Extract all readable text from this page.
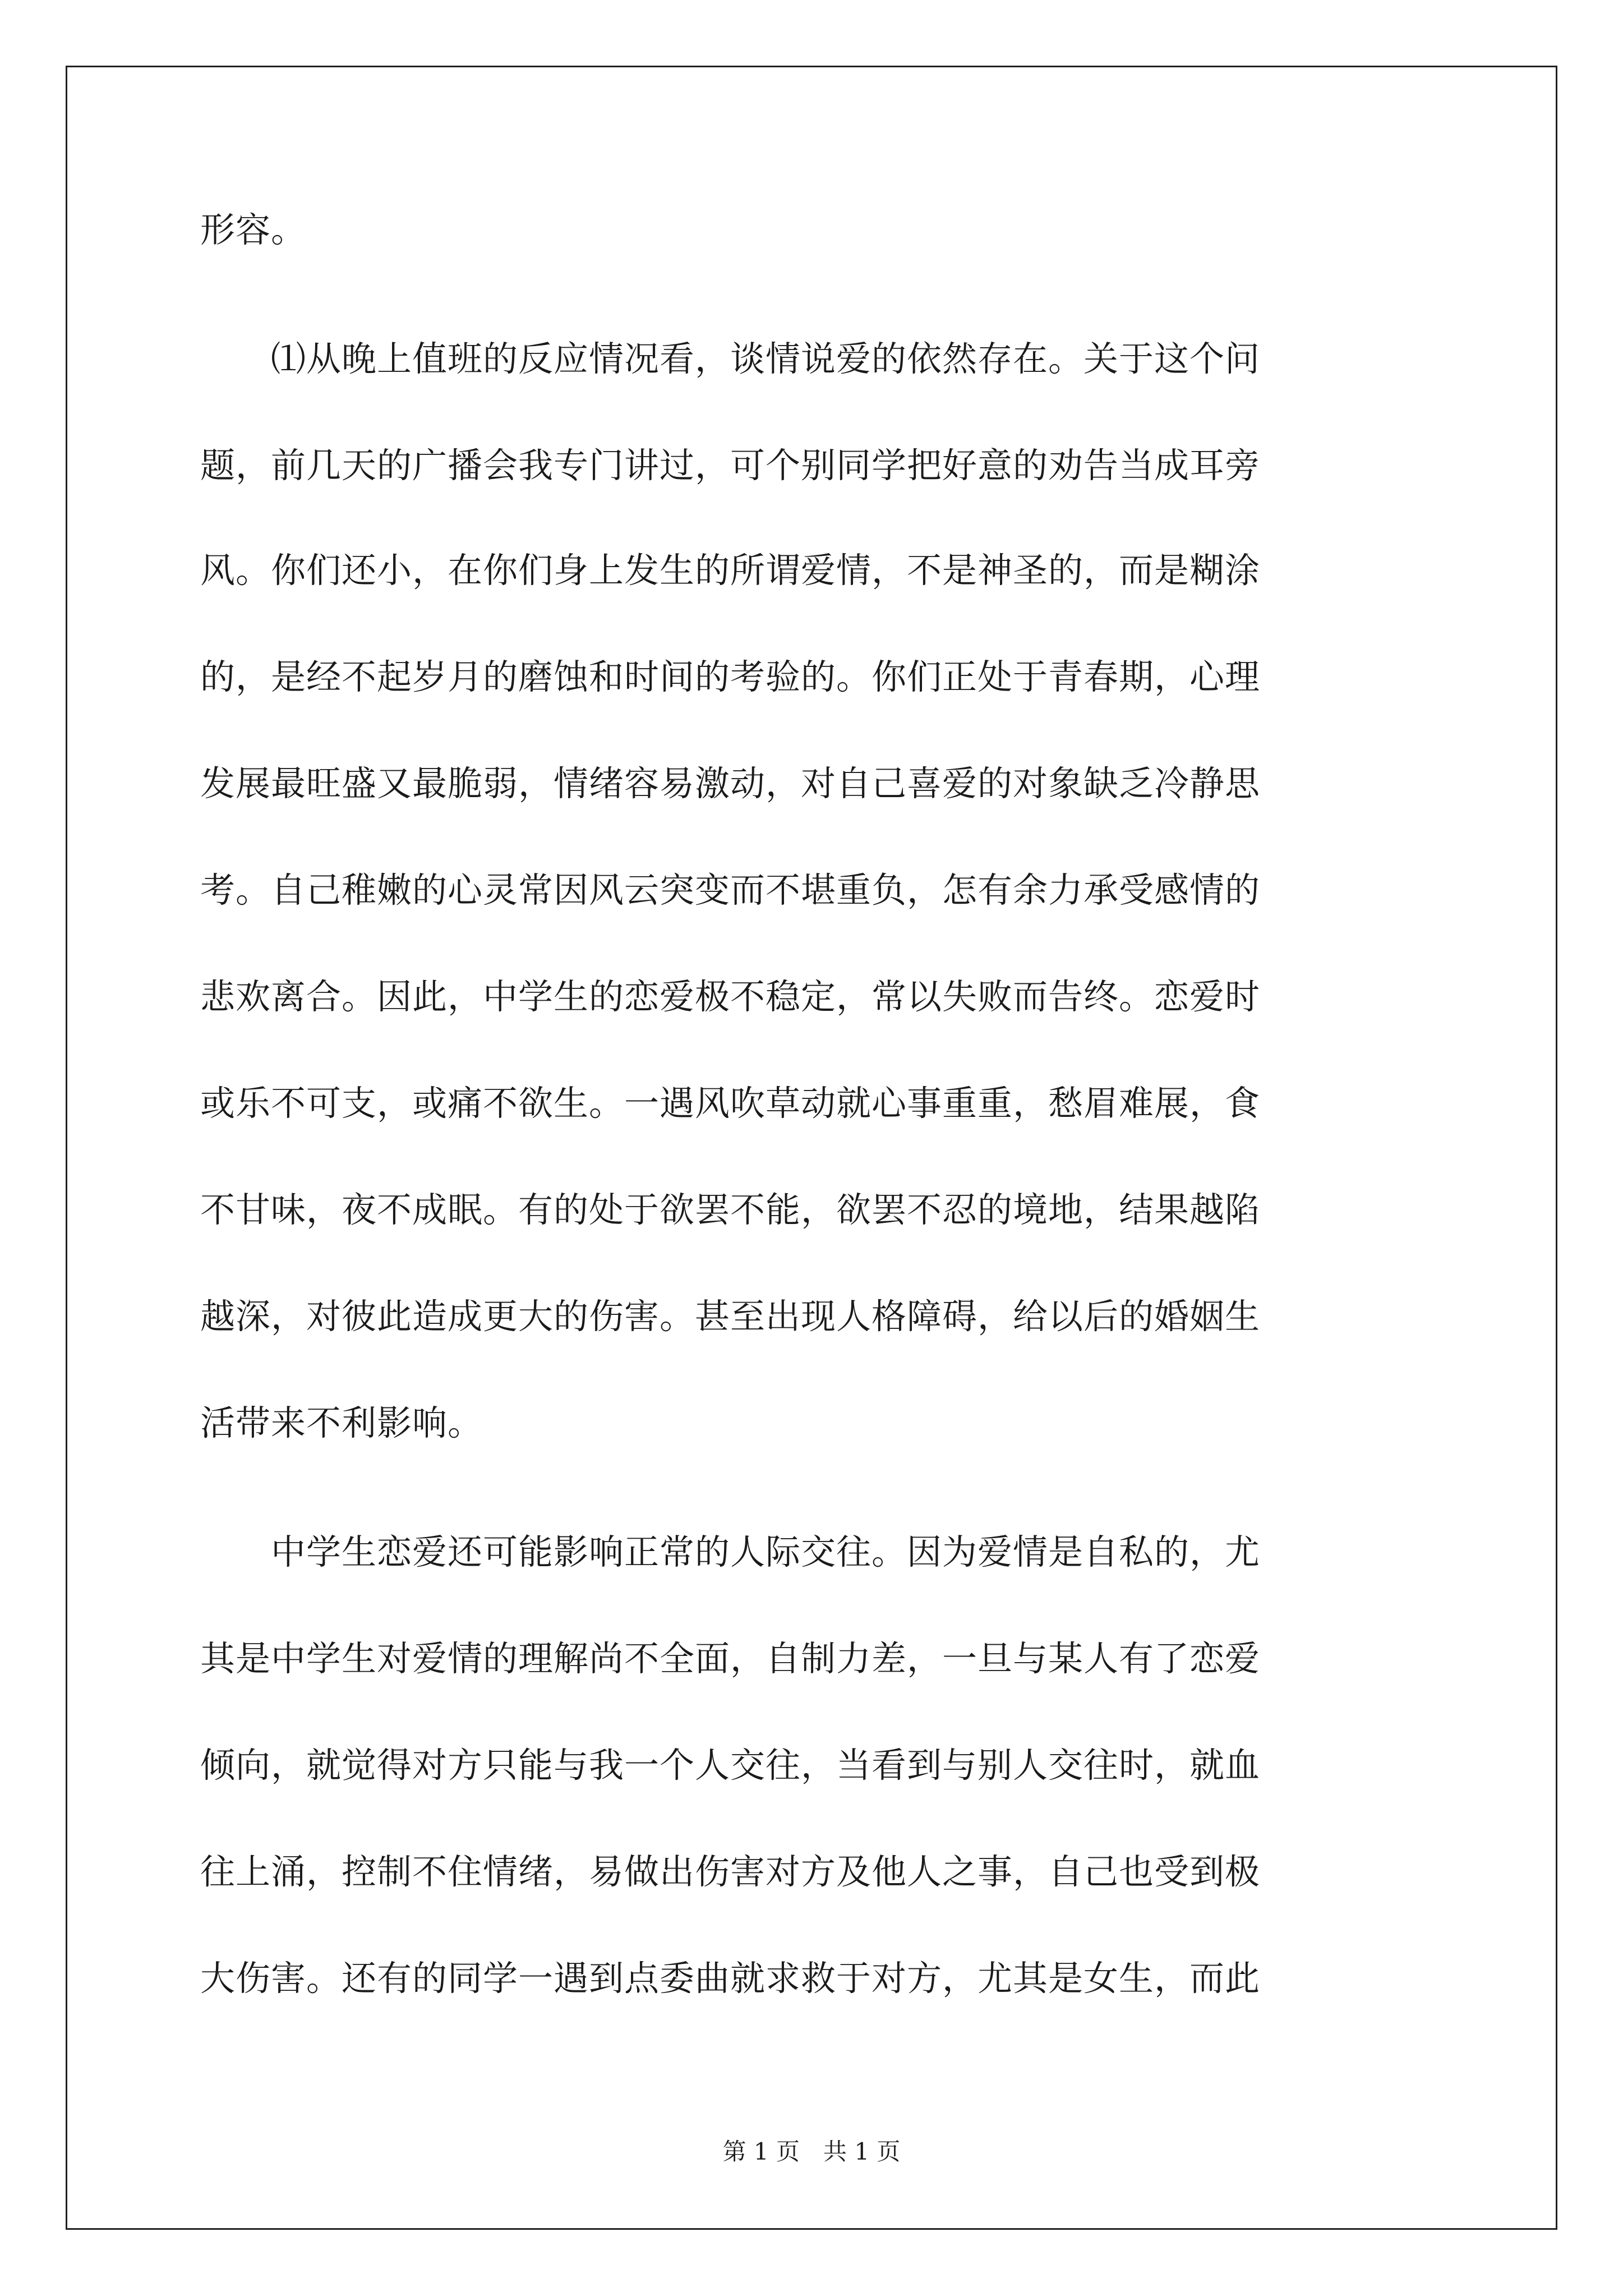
形容。
　　⑴从晚上值班的反应情况看，谈情说爱的依然存在。关于这个问
题，前几天的广播会我专门讲过，可个别同学把好意的劝告当成耳旁
风。你们还小，在你们身上发生的所谓爱情，不是神圣的，而是糊涂
的，是经不起岁月的磨蚀和时间的考验的。你们正处于青春期，心理
发展最旺盛又最脆弱，情绪容易激动，对自己喜爱的对象缺乏冷静思
考。自己稚嫩的心灵常因风云突变而不堪重负，怎有余力承受感情的
悲欢离合。因此，中学生的恋爱极不稳定，常以失败而告终。恋爱时
或乐不可支，或痛不欲生。一遇风吹草动就心事重重，愁眉难展，食
不甘味，夜不成眠。有的处于欲罢不能，欲罢不忍的境地，结果越陷
越深，对彼此造成更大的伤害。甚至出现人格障碍，给以后的婚姻生
活带来不利影响。
　　中学生恋爱还可能影响正常的人际交往。因为爱情是自私的，尤
其是中学生对爱情的理解尚不全面，自制力差，一旦与某人有了恋爱
倾向，就觉得对方只能与我一个人交往，当看到与别人交往时，就血
往上涌，控制不住情绪，易做出伤害对方及他人之事，自己也受到极
大伤害。还有的同学一遇到点委曲就求救于对方，尤其是女生，而此
第 1 页　共 1 页
